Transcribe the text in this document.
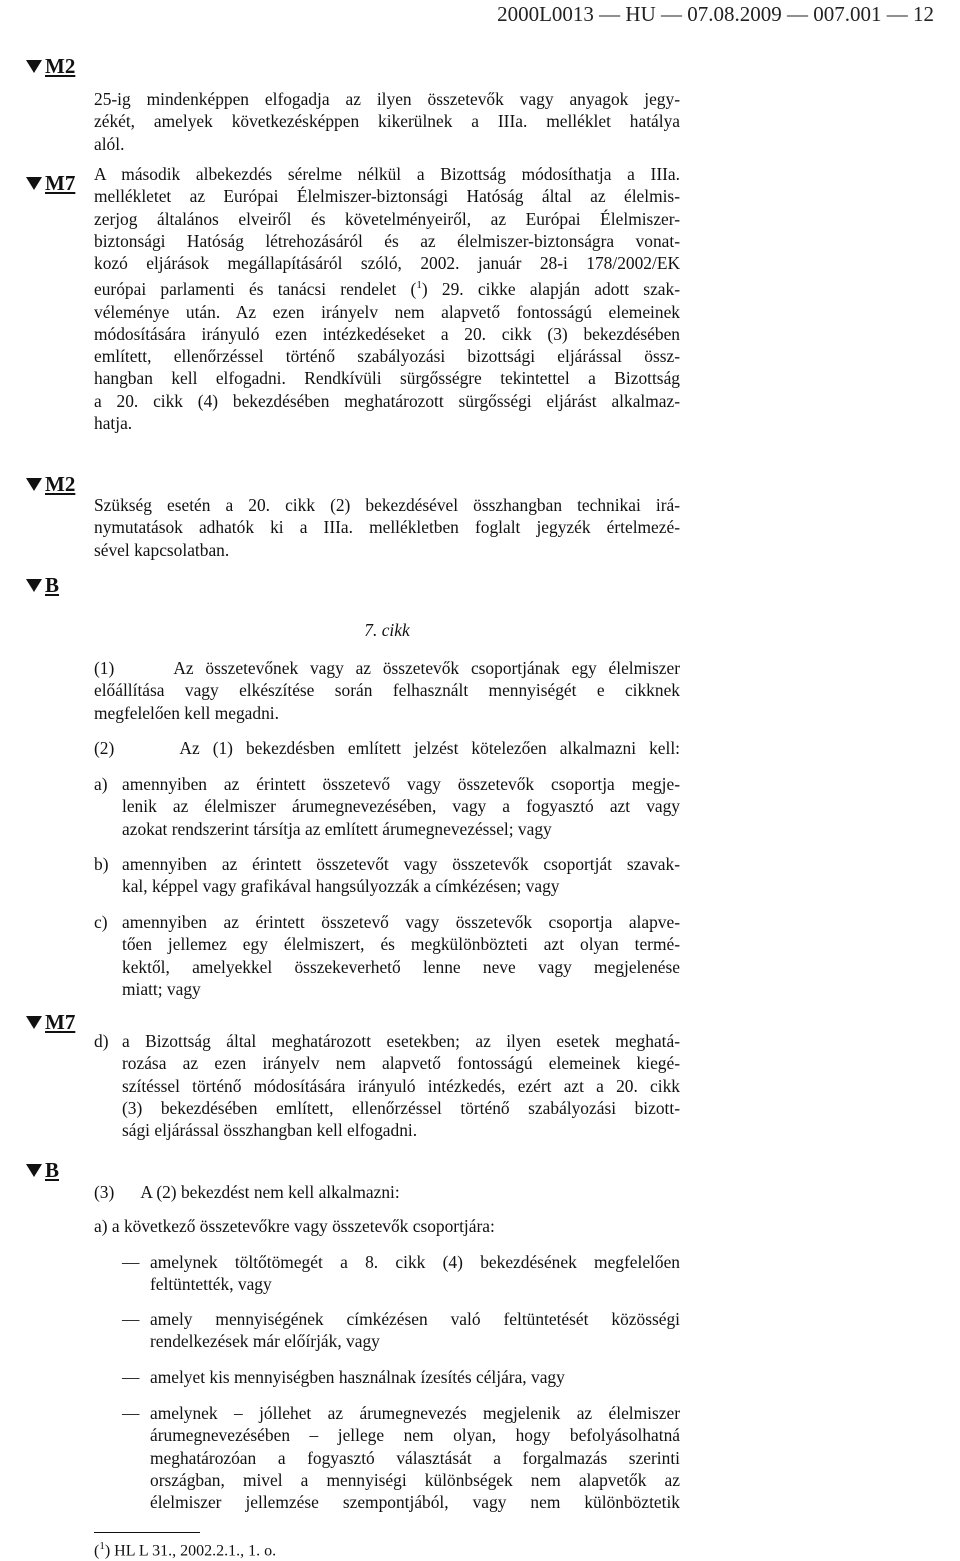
2000L0013 — HU — 07.08.2009 — 007.001 — 12
M2
M7
M2
B
M7
B
25-ig mindenképpen elfogadja az ilyen összetevők vagy anyagok jegy-
zékét, amelyek következésképpen kikerülnek a IIIa. melléklet hatálya
alól.
A második albekezdés sérelme nélkül a Bizottság módosíthatja a IIIa.
mellékletet az Európai Élelmiszer-biztonsági Hatóság által az élelmis-
zerjog általános elveiről és követelményeiről, az Európai Élelmiszer-
biztonsági Hatóság létrehozásáról és az élelmiszer-biztonságra vonat-
kozó eljárások megállapításáról szóló, 2002. január 28-i 178/2002/EK
európai parlamenti és tanácsi rendelet ($^1$) 29. cikke alapján adott szak-
véleménye után. Az ezen irányelv nem alapvető fontosságú elemeinek
módosítására irányuló ezen intézkedéseket a 20. cikk (3) bekezdésében
említett, ellenőrzéssel történő szabályozási bizottsági eljárással össz-
hangban kell elfogadni. Rendkívüli sürgősségre tekintettel a Bizottság
a 20. cikk (4) bekezdésében meghatározott sürgősségi eljárást alkalmaz-
hatja.
Szükség esetén a 20. cikk (2) bekezdésével összhangban technikai irá-
nymutatások adhatók ki a IIIa. mellékletben foglalt jegyzék értelmezé-
sével kapcsolatban.
7. cikk
(1)	Az összetevőnek vagy az összetevők csoportjának egy élelmiszer
előállítása vagy elkészítése során felhasznált mennyiségét e cikknek
megfelelően kell megadni.
(2)	Az (1) bekezdésben említett jelzést kötelezően alkalmazni kell:
a) amennyiben az érintett összetevő vagy összetevők csoportja megje-
lenik az élelmiszer árumegnevezésében, vagy a fogyasztó azt vagy
azokat rendszerint társítja az említett árumegnevezéssel; vagy
b) amennyiben az érintett összetevőt vagy összetevők csoportját szavak-
kal, képpel vagy grafikával hangsúlyozzák a címkézésen; vagy
c) amennyiben az érintett összetevő vagy összetevők csoportja alapve-
tően jellemez egy élelmiszert, és megkülönbözteti azt olyan termé-
kektől, amelyekkel összekeverhető lenne neve vagy megjelenése
miatt; vagy
d) a Bizottság által meghatározott esetekben; az ilyen esetek meghatá-
rozása az ezen irányelv nem alapvető fontosságú elemeinek kiegé-
szítéssel történő módosítására irányuló intézkedés, ezért azt a 20. cikk
(3) bekezdésében említett, ellenőrzéssel történő szabályozási bizott-
sági eljárással összhangban kell elfogadni.
(3) A (2) bekezdést nem kell alkalmazni:
a) a következő összetevőkre vagy összetevők csoportjára:
— amelynek töltőtömegét a 8. cikk (4) bekezdésének megfelelően
feltüntették, vagy
— amely mennyiségének címkézésen való feltüntetését közösségi
rendelkezések már előírják, vagy
— amelyet kis mennyiségben használnak ízesítés céljára, vagy
— amelynek – jóllehet az árumegnevezés megjelenik az élelmiszer
árumegnevezésében – jellege nem olyan, hogy befolyásolhatná
meghatározóan a fogyasztó választását a forgalmazás szerinti
országban, mivel a mennyiségi különbségek nem alapvetők az
élelmiszer jellemzése szempontjából, vagy nem különböztetik
($^1$) HL L 31., 2002.2.1., 1. o.
